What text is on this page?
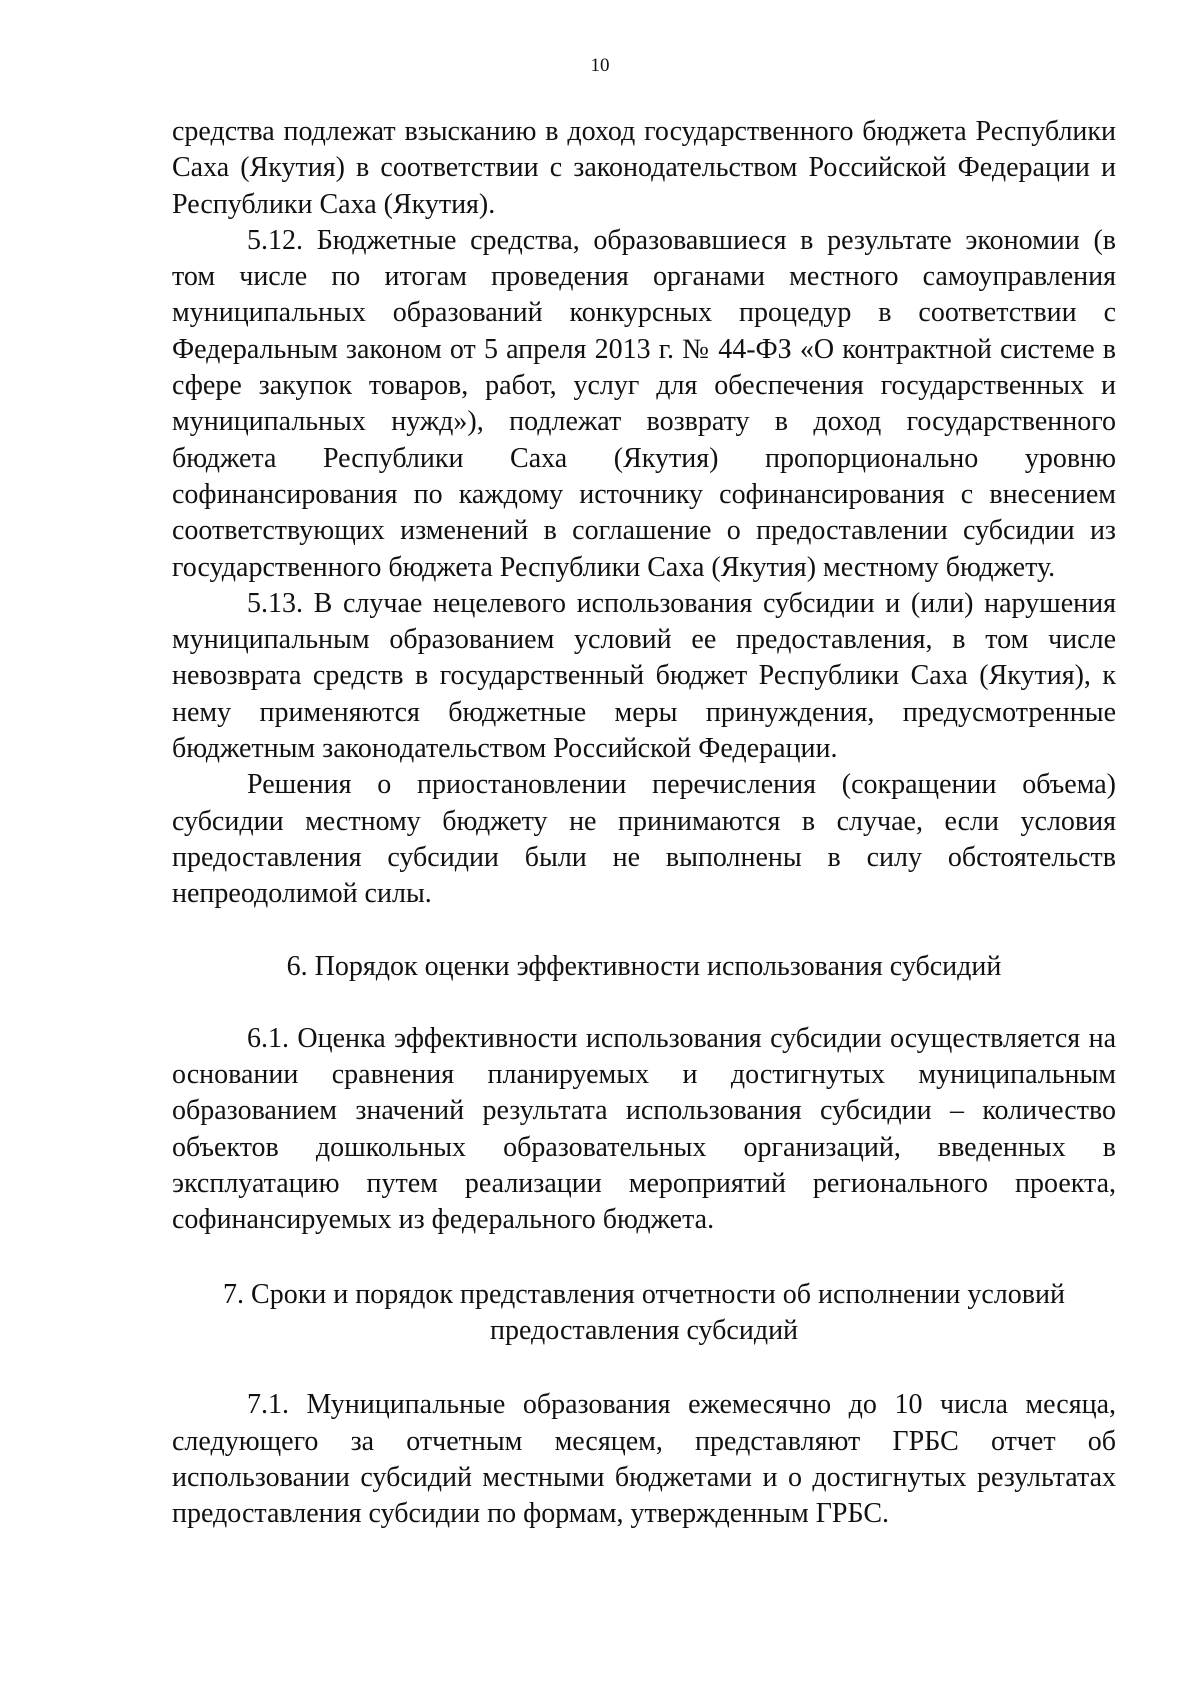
10

средства подлежат взысканию в доход государственного бюджета Республики Саха (Якутия) в соответствии с законодательством Российской Федерации и Республики Саха (Якутия).

5.12. Бюджетные средства, образовавшиеся в результате экономии (в том числе по итогам проведения органами местного самоуправления муниципальных образований конкурсных процедур в соответствии с Федеральным законом от 5 апреля 2013 г. № 44-ФЗ «О контрактной системе в сфере закупок товаров, работ, услуг для обеспечения государственных и муниципальных нужд»), подлежат возврату в доход государственного бюджета Республики Саха (Якутия) пропорционально уровню софинансирования по каждому источнику софинансирования с внесением соответствующих изменений в соглашение о предоставлении субсидии из государственного бюджета Республики Саха (Якутия) местному бюджету.

5.13. В случае нецелевого использования субсидии и (или) нарушения муниципальным образованием условий ее предоставления, в том числе невозврата средств в государственный бюджет Республики Саха (Якутия), к нему применяются бюджетные меры принуждения, предусмотренные бюджетным законодательством Российской Федерации.

Решения о приостановлении перечисления (сокращении объема) субсидии местному бюджету не принимаются в случае, если условия предоставления субсидии были не выполнены в силу обстоятельств непреодолимой силы.

6. Порядок оценки эффективности использования субсидий

6.1. Оценка эффективности использования субсидии осуществляется на основании сравнения планируемых и достигнутых муниципальным образованием значений результата использования субсидии – количество объектов дошкольных образовательных организаций, введенных в эксплуатацию путем реализации мероприятий регионального проекта, софинансируемых из федерального бюджета.

7. Сроки и порядок представления отчетности об исполнении условий

предоставления субсидий

7.1. Муниципальные образования ежемесячно до 10 числа месяца, следующего за отчетным месяцем, представляют ГРБС отчет об использовании субсидий местными бюджетами и о достигнутых результатах предоставления субсидии по формам, утвержденным ГРБС.
